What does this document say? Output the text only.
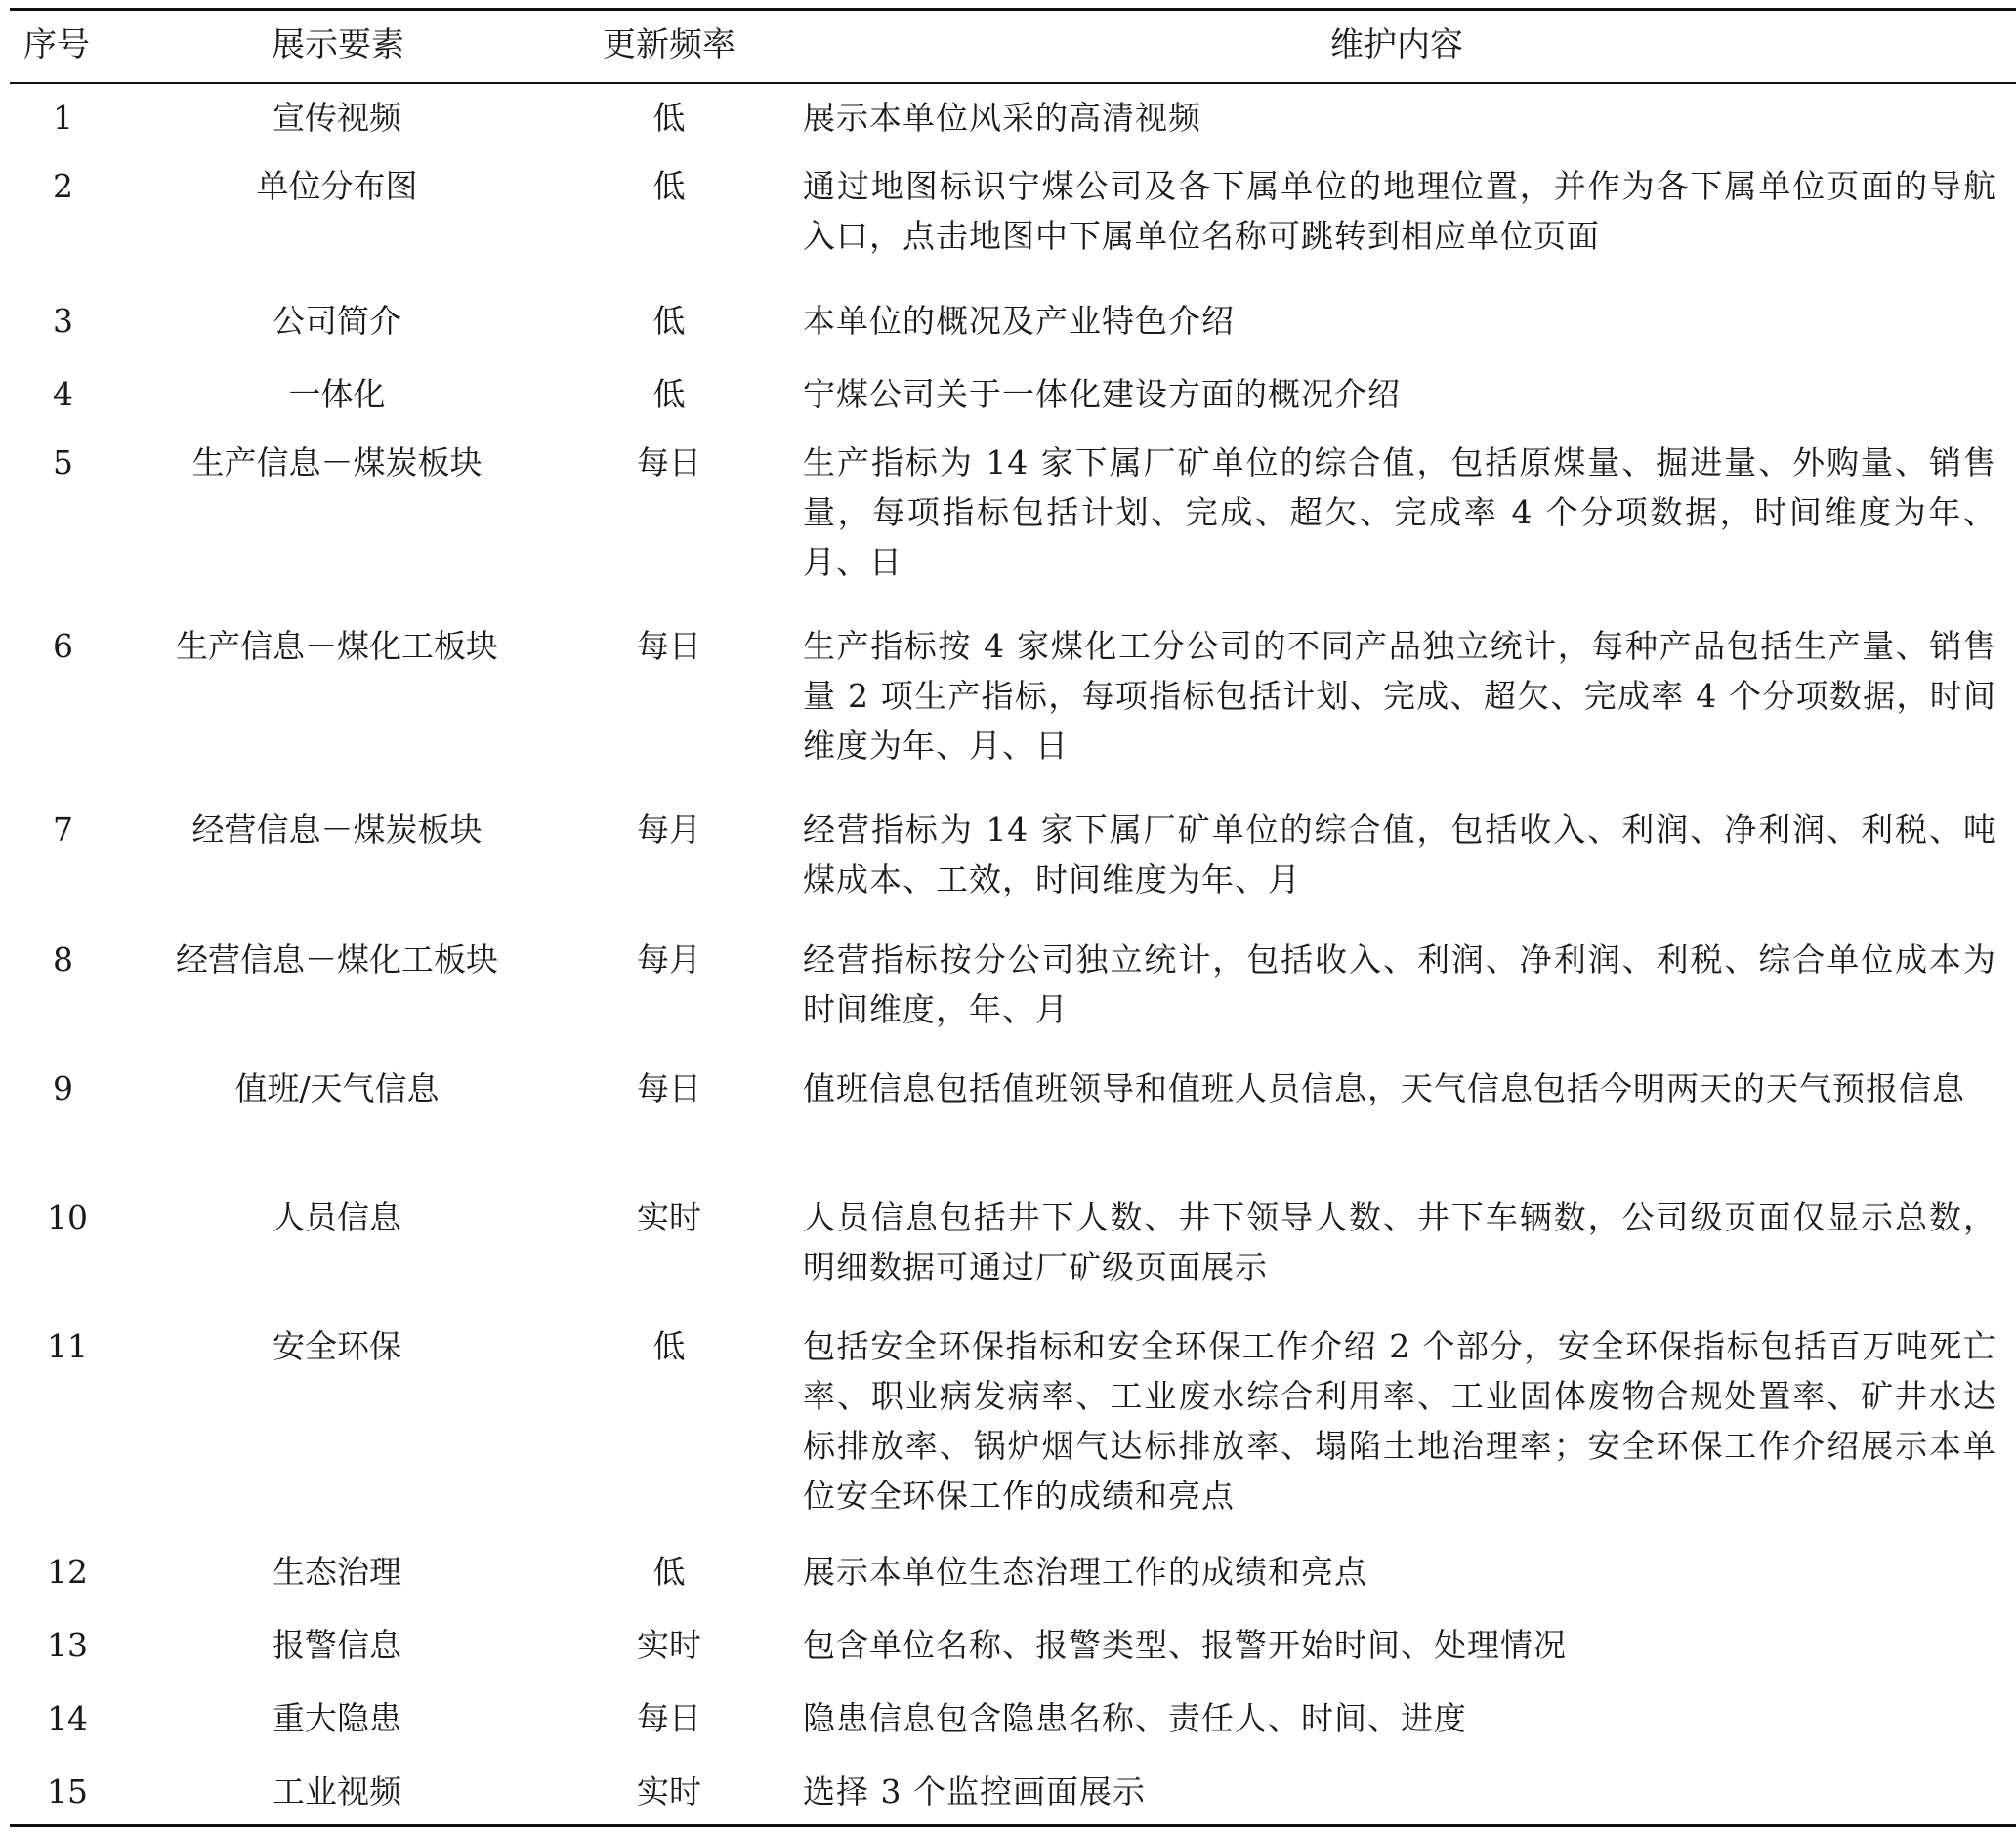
序号	展示要素	更新频率	维护内容
1	宣传视频	低	展示本单位风采的高清视频
2	单位分布图	低	通过地图标识宁煤公司及各下属单位的地理位置，并作为各下属单位页面的导航入口，点击地图中下属单位名称可跳转到相应单位页面
3	公司简介	低	本单位的概况及产业特色介绍
4	一体化	低	宁煤公司关于一体化建设方面的概况介绍
5	生产信息－煤炭板块	每日	生产指标为 14 家下属厂矿单位的综合值，包括原煤量、掘进量、外购量、销售量，每项指标包括计划、完成、超欠、完成率 4 个分项数据，时间维度为年、月、日
6	生产信息－煤化工板块	每日	生产指标按 4 家煤化工分公司的不同产品独立统计，每种产品包括生产量、销售量 2 项生产指标，每项指标包括计划、完成、超欠、完成率 4 个分项数据，时间维度为年、月、日
7	经营信息－煤炭板块	每月	经营指标为 14 家下属厂矿单位的综合值，包括收入、利润、净利润、利税、吨煤成本、工效，时间维度为年、月
8	经营信息－煤化工板块	每月	经营指标按分公司独立统计，包括收入、利润、净利润、利税、综合单位成本为时间维度，年、月
9	值班/天气信息	每日	值班信息包括值班领导和值班人员信息，天气信息包括今明两天的天气预报信息
10	人员信息	实时	人员信息包括井下人数、井下领导人数、井下车辆数，公司级页面仅显示总数，明细数据可通过厂矿级页面展示
11	安全环保	低	包括安全环保指标和安全环保工作介绍 2 个部分，安全环保指标包括百万吨死亡率、职业病发病率、工业废水综合利用率、工业固体废物合规处置率、矿井水达标排放率、锅炉烟气达标排放率、塌陷土地治理率；安全环保工作介绍展示本单位安全环保工作的成绩和亮点
12	生态治理	低	展示本单位生态治理工作的成绩和亮点
13	报警信息	实时	包含单位名称、报警类型、报警开始时间、处理情况
14	重大隐患	每日	隐患信息包含隐患名称、责任人、时间、进度
15	工业视频	实时	选择 3 个监控画面展示
